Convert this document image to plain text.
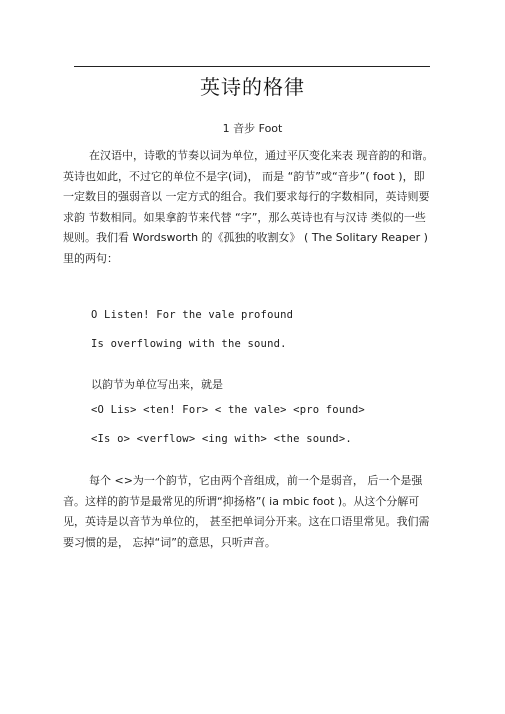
英诗的格律
1 音步 Foot
在汉语中，诗歌的节奏以词为单位，通过平仄变化来表 现音韵的和谐。英诗也如此，不过它的单位不是字(词)， 而是 “韵节”或“音步”( foot )，即一定数目的强弱音以 一定方式的组合。我们要求每行的字数相同，英诗则要求韵 节数相同。如果拿韵节来代替 “字”，那么英诗也有与汉诗 类似的一些规则。我们看 Wordsworth 的《孤独的收割女》 ( The Solitary Reaper )里的两句：
O Listen! For the vale profound
Is overflowing with the sound.
以韵节为单位写出来，就是
<O Lis> <ten! For> < the vale> <pro found>
<Is o> <verflow> <ing with> <the sound>.
每个 <>为一个韵节，它由两个音组成，前一个是弱音， 后一个是强音。这样的韵节是最常见的所谓“抑扬格”( ia mbic foot )。从这个分解可见，英诗是以音节为单位的， 甚至把单词分开来。这在口语里常见。我们需要习惯的是， 忘掉“词”的意思，只听声音。
